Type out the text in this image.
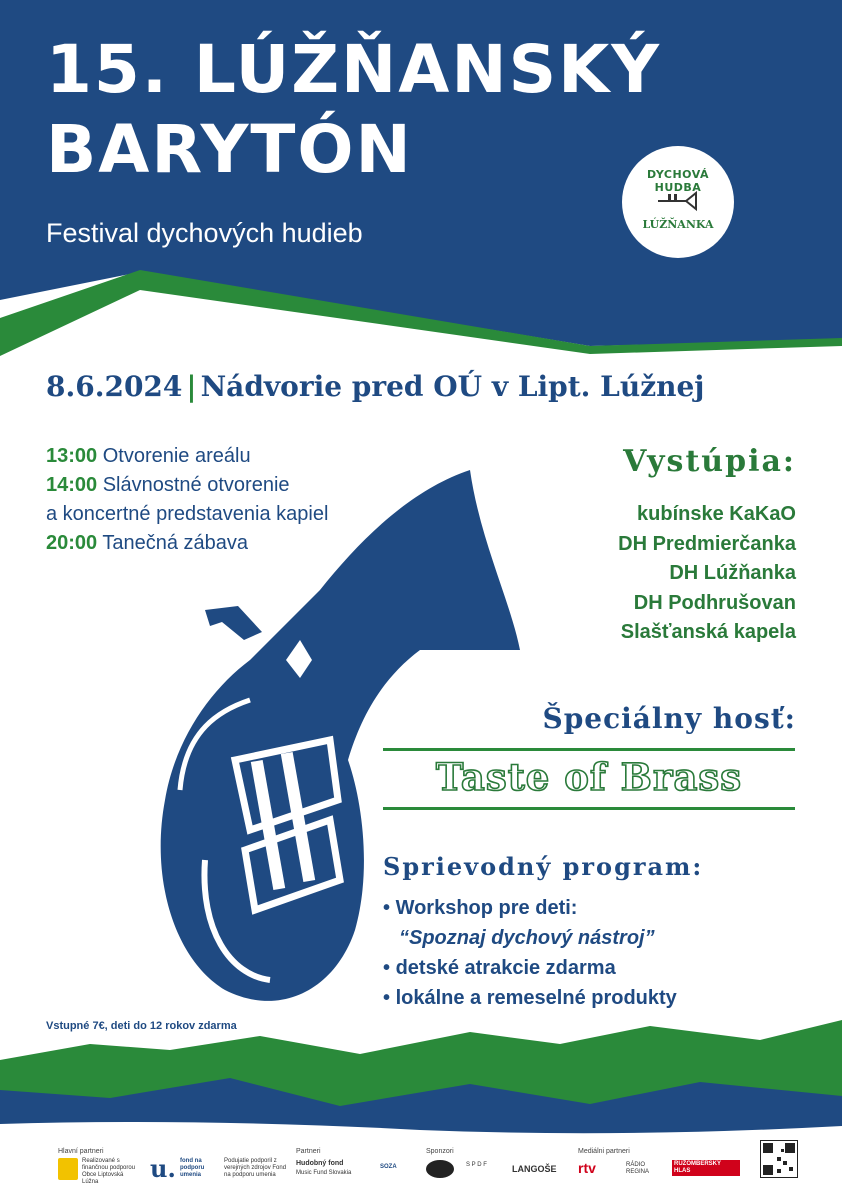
15. LÚŽŇANSKÝ
BARYTÓN
Festival dychových hudieb
DYCHOVÁ HUDBA
LÚŽŇANKA
8.6.2024 | Nádvorie pred OÚ v Lipt. Lúžnej
13:00 Otvorenie areálu
14:00 Slávnostné otvorenie
a koncertné predstavenia kapiel
20:00 Tanečná zábava
Vystúpia:
kubínske KaKaO
DH Predmierčanka
DH Lúžňanka
DH Podhrušovan
Slašťanská kapela
Špeciálny hosť:
Taste of Brass
Sprievodný program:
• Workshop pre deti:
“Spoznaj dychový nástroj”
• detské atrakcie zdarma
• lokálne a remeselné produkty
Vstupné 7€, deti do 12 rokov zdarma
Hlavní partneri
Realizované s finančnou podporou Obce Liptovská Lúžna	u. fond na podporu umenia
Podujatie podporil z verejných zdrojov Fond na podporu umenia
Partneri
Hudobný fond
Music Fund Slovakia
SOZA
Sponzori
S P D F	LANGOŠE
Mediálni partneri
rtv	RÁDIO REGINA
RUŽOMBERSKÝ HLAS
